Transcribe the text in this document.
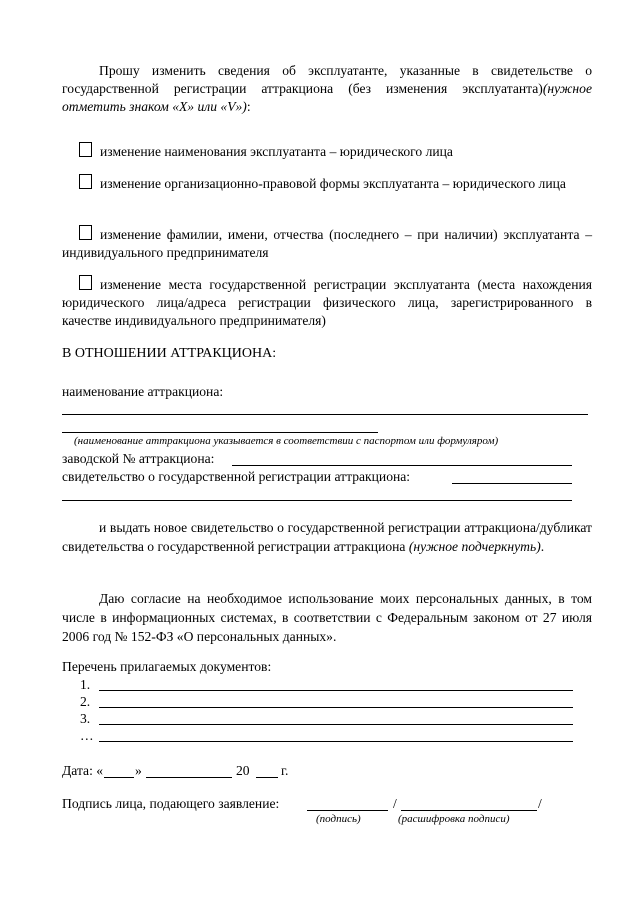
Прошу изменить сведения об эксплуатанте, указанные в свидетельстве о государственной регистрации аттракциона (без изменения эксплуатанта)(нужное отметить знаком «X» или «V»):
изменение наименования эксплуатанта – юридического лица
изменение организационно-правовой формы эксплуатанта – юридического лица
изменение фамилии, имени, отчества (последнего – при наличии) эксплуатанта – индивидуального предпринимателя
изменение места государственной регистрации эксплуатанта (места нахождения юридического лица/адреса регистрации физического лица, зарегистрированного в качестве индивидуального предпринимателя)
В ОТНОШЕНИИ АТТРАКЦИОНА:
наименование аттракциона:
(наименование аттракциона указывается в соответствии с паспортом или формуляром)
заводской № аттракциона:
свидетельство о государственной регистрации аттракциона:
и выдать новое свидетельство о государственной регистрации аттракциона/дубликат свидетельства о государственной регистрации аттракциона (нужное подчеркнуть).
Даю согласие на необходимое использование моих персональных данных, в том числе в информационных системах, в соответствии с Федеральным законом от 27 июля 2006 год № 152-ФЗ «О персональных данных».
Перечень прилагаемых документов:
1.
2.
3.
…
Дата: « »	20 г.
Подпись лица, подающего заявление:	/	/
(подпись)	(расшифровка подписи)
